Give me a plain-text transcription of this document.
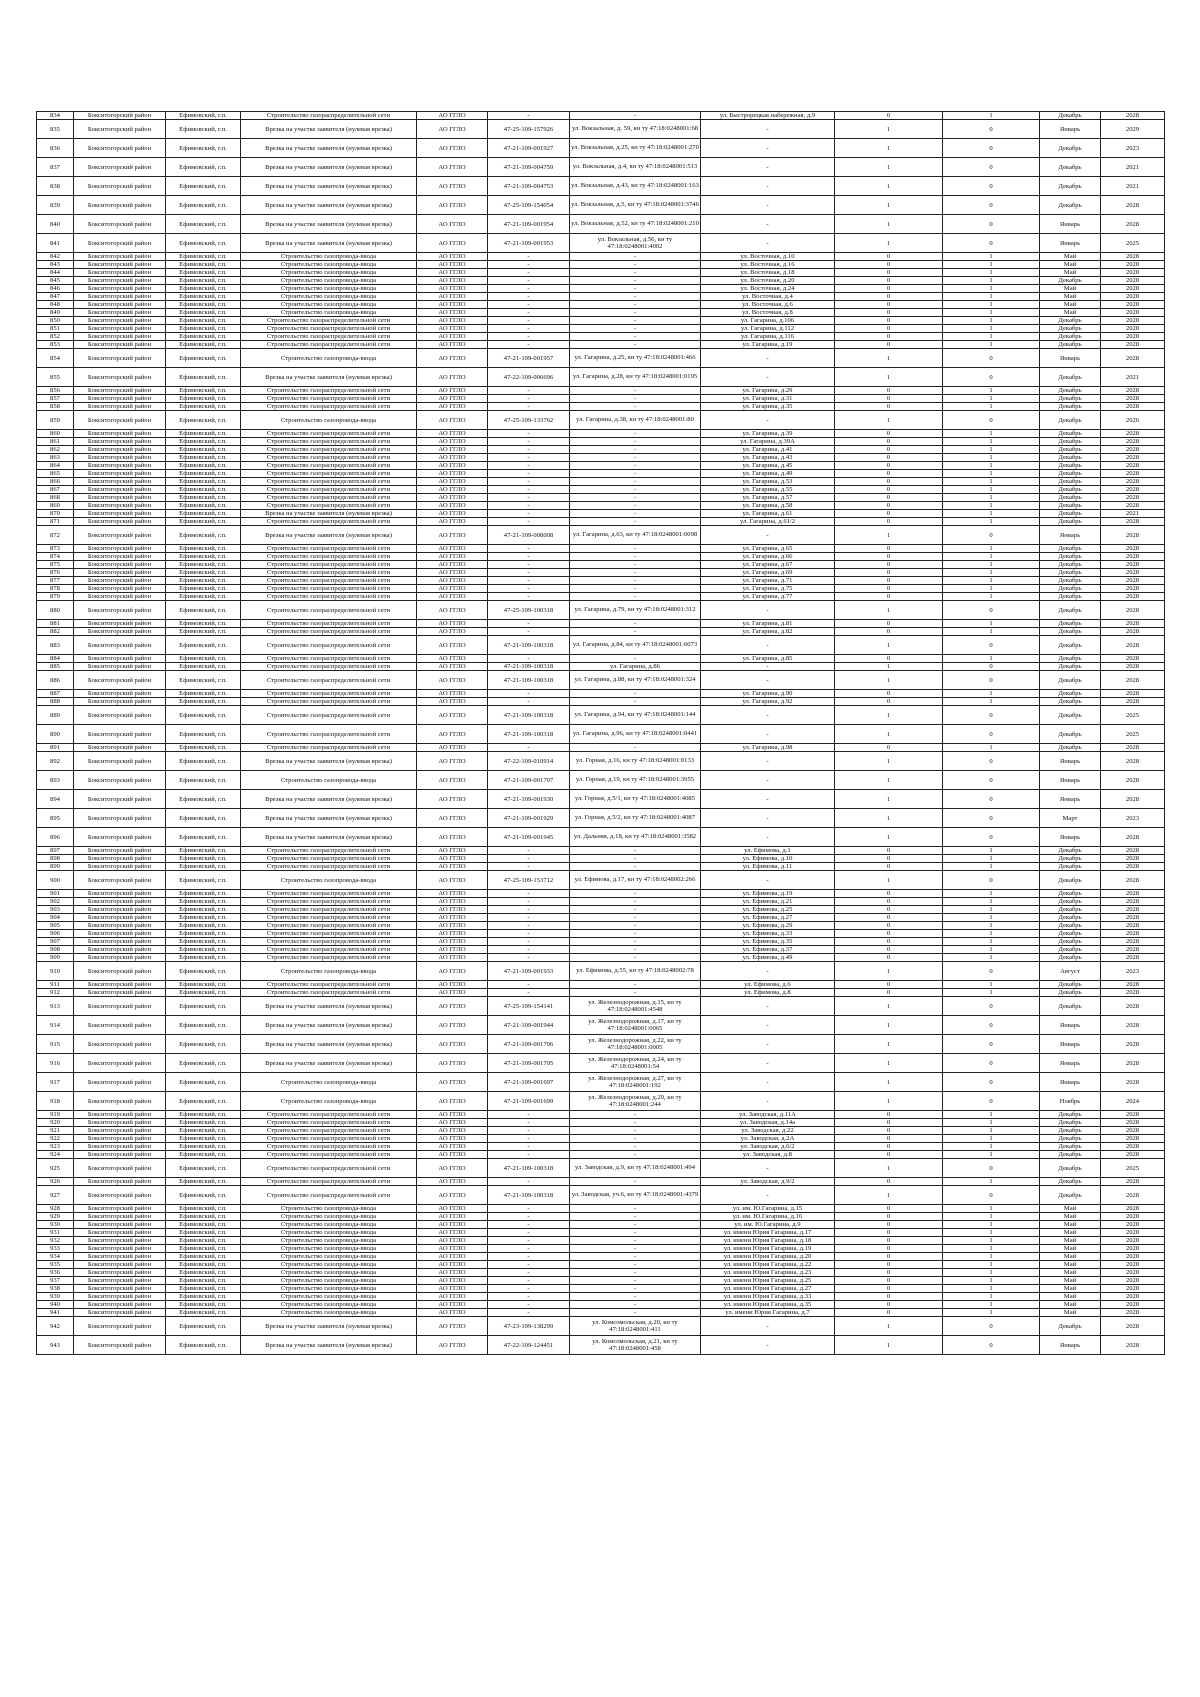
834	Бокситогорский район	Ефимовский, г.п.	Строительство газораспределительной сети	АО ГГЛО	-	-	ул. Быстрорецкая набережная, д.9	0	1	Декабрь	2028
835	Бокситогорский район	Ефимовский, г.п.	Врезка на участке заявителя (нулевая врезка)	АО ГГЛО	47-25-109-157926	ул. Вокзальная, д. 59, кн ту 47:18:0248001:68	-	1	0	Январь	2029
836	Бокситогорский район	Ефимовский, г.п.	Врезка на участке заявителя (нулевая врезка)	АО ГГЛО	47-21-109-001927	ул. Вокзальная, д.25, кн ту 47:18:0248001:270	-	1	0	Декабрь	2023
837	Бокситогорский район	Ефимовский, г.п.	Врезка на участке заявителя (нулевая врезка)	АО ГГЛО	47-21-109-004759	ул. Вокзальная, д.4, кн ту 47:18:0248001:513	-	1	0	Декабрь	2021
838	Бокситогорский район	Ефимовский, г.п.	Врезка на участке заявителя (нулевая врезка)	АО ГГЛО	47-21-109-004753	ул. Вокзальная, д.43, кн ту 47:18:0248001:163	-	1	0	Декабрь	2021
839	Бокситогорский район	Ефимовский, г.п.	Врезка на участке заявителя (нулевая врезка)	АО ГГЛО	47-25-109-154054	ул. Вокзальная, д.5, кн ту 47:18:0248001:3746	-	1	0	Декабрь	2028
840	Бокситогорский район	Ефимовский, г.п.	Врезка на участке заявителя (нулевая врезка)	АО ГГЛО	47-21-109-001954	ул. Вокзальная, д.52, кн ту 47:18:0248001:210	-	1	0	Январь	2028
841	Бокситогорский район	Ефимовский, г.п.	Врезка на участке заявителя (нулевая врезка)	АО ГГЛО	47-21-109-001953	ул. Вокзальная, д.56, кн ту 47:18:0248001:4002	-	1	0	Январь	2025
842	Бокситогорский район	Ефимовский, г.п.	Строительство газопровода-ввода	АО ГГЛО	-	-	ул. Восточная, д.10	0	1	Май	2028
843	Бокситогорский район	Ефимовский, г.п.	Строительство газопровода-ввода	АО ГГЛО	-	-	ул. Восточная, д.16	0	1	Май	2028
844	Бокситогорский район	Ефимовский, г.п.	Строительство газопровода-ввода	АО ГГЛО	-	-	ул. Восточная, д.18	0	1	Май	2028
845	Бокситогорский район	Ефимовский, г.п.	Строительство газопровода-ввода	АО ГГЛО	-	-	ул. Восточная, д.20	0	1	Декабрь	2028
846	Бокситогорский район	Ефимовский, г.п.	Строительство газопровода-ввода	АО ГГЛО	-	-	ул. Восточная, д.24	0	1	Май	2028
847	Бокситогорский район	Ефимовский, г.п.	Строительство газопровода-ввода	АО ГГЛО	-	-	ул. Восточная, д.4	0	1	Май	2028
848	Бокситогорский район	Ефимовский, г.п.	Строительство газопровода-ввода	АО ГГЛО	-	-	ул. Восточная, д.6	0	1	Май	2028
849	Бокситогорский район	Ефимовский, г.п.	Строительство газопровода-ввода	АО ГГЛО	-	-	ул. Восточная, д.8	0	1	Май	2028
850	Бокситогорский район	Ефимовский, г.п.	Строительство газораспределительной сети	АО ГГЛО	-	-	ул. Гагарина, д.106	0	1	Декабрь	2028
851	Бокситогорский район	Ефимовский, г.п.	Строительство газораспределительной сети	АО ГГЛО	-	-	ул. Гагарина, д.112	0	1	Декабрь	2028
852	Бокситогорский район	Ефимовский, г.п.	Строительство газораспределительной сети	АО ГГЛО	-	-	ул. Гагарина, д.116	0	1	Декабрь	2028
853	Бокситогорский район	Ефимовский, г.п.	Строительство газораспределительной сети	АО ГГЛО	-	-	ул. Гагарина, д.19	0	1	Декабрь	2028
854	Бокситогорский район	Ефимовский, г.п.	Строительство газопровода-ввода	АО ГГЛО	47-21-109-001957	ул. Гагарина, д.25, кн ту 47:18:0248001:466	-	1	0	Январь	2028
855	Бокситогорский район	Ефимовский, г.п.	Врезка на участке заявителя (нулевая врезка)	АО ГГЛО	47-22-109-006696	ул. Гагарина, д.28, кн ту 47:18:0248001:0195	-	1	0	Декабрь	2021
856	Бокситогорский район	Ефимовский, г.п.	Строительство газораспределительной сети	АО ГГЛО	-	-	ул. Гагарина, д.29	0	1	Декабрь	2028
857	Бокситогорский район	Ефимовский, г.п.	Строительство газораспределительной сети	АО ГГЛО	-	-	ул. Гагарина, д.31	0	1	Декабрь	2028
858	Бокситогорский район	Ефимовский, г.п.	Строительство газораспределительной сети	АО ГГЛО	-	-	ул. Гагарина, д.35	0	1	Декабрь	2028
859	Бокситогорский район	Ефимовский, г.п.	Строительство газопровода-ввода	АО ГГЛО	47-25-109-133762	ул. Гагарина, д.38, кн ту 47:18:0248001:80	-	1	0	Декабрь	2026
860	Бокситогорский район	Ефимовский, г.п.	Строительство газораспределительной сети	АО ГГЛО	-	-	ул. Гагарина, д.39	0	1	Декабрь	2028
861	Бокситогорский район	Ефимовский, г.п.	Строительство газораспределительной сети	АО ГГЛО	-	-	ул. Гагарина, д.39А	0	1	Декабрь	2028
862	Бокситогорский район	Ефимовский, г.п.	Строительство газораспределительной сети	АО ГГЛО	-	-	ул. Гагарина, д.41	0	1	Декабрь	2028
863	Бокситогорский район	Ефимовский, г.п.	Строительство газораспределительной сети	АО ГГЛО	-	-	ул. Гагарина, д.43	0	1	Декабрь	2028
864	Бокситогорский район	Ефимовский, г.п.	Строительство газораспределительной сети	АО ГГЛО	-	-	ул. Гагарина, д.45	0	1	Декабрь	2028
865	Бокситогорский район	Ефимовский, г.п.	Строительство газораспределительной сети	АО ГГЛО	-	-	ул. Гагарина, д.49	0	1	Декабрь	2028
866	Бокситогорский район	Ефимовский, г.п.	Строительство газораспределительной сети	АО ГГЛО	-	-	ул. Гагарина, д.53	0	1	Декабрь	2028
867	Бокситогорский район	Ефимовский, г.п.	Строительство газораспределительной сети	АО ГГЛО	-	-	ул. Гагарина, д.55	0	1	Декабрь	2028
868	Бокситогорский район	Ефимовский, г.п.	Строительство газораспределительной сети	АО ГГЛО	-	-	ул. Гагарина, д.57	0	1	Декабрь	2028
869	Бокситогорский район	Ефимовский, г.п.	Строительство газораспределительной сети	АО ГГЛО	-	-	ул. Гагарина, д.58	0	1	Декабрь	2028
870	Бокситогорский район	Ефимовский, г.п.	Врезка на участке заявителя (нулевая врезка)	АО ГГЛО	-	-	ул. Гагарина, д.61	0	1	Декабрь	2021
871	Бокситогорский район	Ефимовский, г.п.	Строительство газораспределительной сети	АО ГГЛО	-	-	ул. Гагарина, д.61/2	0	1	Декабрь	2028
872	Бокситогорский район	Ефимовский, г.п.	Врезка на участке заявителя (нулевая врезка)	АО ГГЛО	47-21-109-008008	ул. Гагарина, д.63, кн ту 47:18:0248001:0098	-	1	0	Январь	2028
873	Бокситогорский район	Ефимовский, г.п.	Строительство газораспределительной сети	АО ГГЛО	-	-	ул. Гагарина, д.65	0	1	Декабрь	2028
874	Бокситогорский район	Ефимовский, г.п.	Строительство газораспределительной сети	АО ГГЛО	-	-	ул. Гагарина, д.66	0	1	Декабрь	2028
875	Бокситогорский район	Ефимовский, г.п.	Строительство газораспределительной сети	АО ГГЛО	-	-	ул. Гагарина, д.67	0	1	Декабрь	2028
876	Бокситогорский район	Ефимовский, г.п.	Строительство газораспределительной сети	АО ГГЛО	-	-	ул. Гагарина, д.69	0	1	Декабрь	2028
877	Бокситогорский район	Ефимовский, г.п.	Строительство газораспределительной сети	АО ГГЛО	-	-	ул. Гагарина, д.71	0	1	Декабрь	2028
878	Бокситогорский район	Ефимовский, г.п.	Строительство газораспределительной сети	АО ГГЛО	-	-	ул. Гагарина, д.75	0	1	Декабрь	2028
879	Бокситогорский район	Ефимовский, г.п.	Строительство газораспределительной сети	АО ГГЛО	-	-	ул. Гагарина, д.77	0	1	Декабрь	2028
880	Бокситогорский район	Ефимовский, г.п.	Строительство газораспределительной сети	АО ГГЛО	47-25-109-100318	ул. Гагарина, д.79, кн ту 47:18:0248001:312	-	1	0	Декабрь	2028
881	Бокситогорский район	Ефимовский, г.п.	Строительство газораспределительной сети	АО ГГЛО	-	-	ул. Гагарина, д.81	0	1	Декабрь	2028
882	Бокситогорский район	Ефимовский, г.п.	Строительство газораспределительной сети	АО ГГЛО	-	-	ул. Гагарина, д.82	0	1	Декабрь	2028
883	Бокситогорский район	Ефимовский, г.п.	Строительство газораспределительной сети	АО ГГЛО	47-21-109-100318	ул. Гагарина, д.84, кн ту 47:18:0248001:6073	-	1	0	Декабрь	2028
884	Бокситогорский район	Ефимовский, г.п.	Строительство газораспределительной сети	АО ГГЛО	-	-	ул. Гагарина, д.85	0	1	Декабрь	2028
885	Бокситогорский район	Ефимовский, г.п.	Строительство газораспределительной сети	АО ГГЛО	47-21-109-100318	ул. Гагарина, д.86	-	1	0	Декабрь	2028
886	Бокситогорский район	Ефимовский, г.п.	Строительство газораспределительной сети	АО ГГЛО	47-21-109-100318	ул. Гагарина, д.88, кн ту 47:18:0248001:324	-	1	0	Декабрь	2028
887	Бокситогорский район	Ефимовский, г.п.	Строительство газораспределительной сети	АО ГГЛО	-	-	ул. Гагарина, д.90	0	1	Декабрь	2028
888	Бокситогорский район	Ефимовский, г.п.	Строительство газораспределительной сети	АО ГГЛО	-	-	ул. Гагарина, д.92	0	1	Декабрь	2028
889	Бокситогорский район	Ефимовский, г.п.	Строительство газораспределительной сети	АО ГГЛО	47-21-109-100318	ул. Гагарина, д.94, кн ту 47:18:0248001:144	-	1	0	Декабрь	2025
890	Бокситогорский район	Ефимовский, г.п.	Строительство газораспределительной сети	АО ГГЛО	47-21-109-100318	ул. Гагарина, д.96, кн ту 47:18:0248001:0441	-	1	0	Декабрь	2025
891	Бокситогорский район	Ефимовский, г.п.	Строительство газораспределительной сети	АО ГГЛО	-	-	ул. Гагарина, д.98	0	1	Декабрь	2028
892	Бокситогорский район	Ефимовский, г.п.	Врезка на участке заявителя (нулевая врезка)	АО ГГЛО	47-22-109-010914	ул. Горная, д.16, кн ту 47:18:0248001:0133	-	1	0	Январь	2028
893	Бокситогорский район	Ефимовский, г.п.	Строительство газопровода-ввода	АО ГГЛО	47-21-109-001707	ул. Горная, д.19, кн ту 47:18:0248001:3955	-	1	0	Январь	2028
894	Бокситогорский район	Ефимовский, г.п.	Врезка на участке заявителя (нулевая врезка)	АО ГГЛО	47-21-109-001930	ул. Горная, д.5/1, кн ту 47:18:0248001:4085	-	1	0	Январь	2028
895	Бокситогорский район	Ефимовский, г.п.	Врезка на участке заявителя (нулевая врезка)	АО ГГЛО	47-21-109-001929	ул. Горная, д.5/2, кн ту 47:18:0248001:4087	-	1	0	Март	2023
896	Бокситогорский район	Ефимовский, г.п.	Врезка на участке заявителя (нулевая врезка)	АО ГГЛО	47-21-109-001945	ул. Дальняя, д.18, кн ту 47:18:0248001:3582	-	1	0	Январь	2028
897	Бокситогорский район	Ефимовский, г.п.	Строительство газораспределительной сети	АО ГГЛО	-	-	ул. Ефимова, д.1	0	1	Декабрь	2028
898	Бокситогорский район	Ефимовский, г.п.	Строительство газораспределительной сети	АО ГГЛО	-	-	ул. Ефимова, д.10	0	1	Декабрь	2028
899	Бокситогорский район	Ефимовский, г.п.	Строительство газораспределительной сети	АО ГГЛО	-	-	ул. Ефимова, д.11	0	1	Декабрь	2028
900	Бокситогорский район	Ефимовский, г.п.	Строительство газопровода-ввода	АО ГГЛО	47-25-109-153712	ул. Ефимова, д.17, кн ту 47:18:0248002:266	-	1	0	Декабрь	2028
901	Бокситогорский район	Ефимовский, г.п.	Строительство газораспределительной сети	АО ГГЛО	-	-	ул. Ефимова, д.19	0	1	Декабрь	2028
902	Бокситогорский район	Ефимовский, г.п.	Строительство газораспределительной сети	АО ГГЛО	-	-	ул. Ефимова, д.21	0	1	Декабрь	2028
903	Бокситогорский район	Ефимовский, г.п.	Строительство газораспределительной сети	АО ГГЛО	-	-	ул. Ефимова, д.25	0	1	Декабрь	2028
904	Бокситогорский район	Ефимовский, г.п.	Строительство газораспределительной сети	АО ГГЛО	-	-	ул. Ефимова, д.27	0	1	Декабрь	2028
905	Бокситогорский район	Ефимовский, г.п.	Строительство газораспределительной сети	АО ГГЛО	-	-	ул. Ефимова, д.29	0	1	Декабрь	2028
906	Бокситогорский район	Ефимовский, г.п.	Строительство газораспределительной сети	АО ГГЛО	-	-	ул. Ефимова, д.33	0	1	Декабрь	2028
907	Бокситогорский район	Ефимовский, г.п.	Строительство газораспределительной сети	АО ГГЛО	-	-	ул. Ефимова, д.35	0	1	Декабрь	2028
908	Бокситогорский район	Ефимовский, г.п.	Строительство газораспределительной сети	АО ГГЛО	-	-	ул. Ефимова, д.37	0	1	Декабрь	2028
909	Бокситогорский район	Ефимовский, г.п.	Строительство газораспределительной сети	АО ГГЛО	-	-	ул. Ефимова, д.49	0	1	Декабрь	2028
910	Бокситогорский район	Ефимовский, г.п.	Строительство газопровода-ввода	АО ГГЛО	47-21-109-001933	ул. Ефимова, д.55, кн ту 47:18:0248002:78	-	1	0	Август	2023
911	Бокситогорский район	Ефимовский, г.п.	Строительство газораспределительной сети	АО ГГЛО	-	-	ул. Ефимова, д.6	0	1	Декабрь	2028
912	Бокситогорский район	Ефимовский, г.п.	Строительство газораспределительной сети	АО ГГЛО	-	-	ул. Ефимова, д.8	0	1	Декабрь	2028
913	Бокситогорский район	Ефимовский, г.п.	Врезка на участке заявителя (нулевая врезка)	АО ГГЛО	47-25-109-154141	ул. Железнодорожная, д.15, кн ту 47:18:0248001:4548	-	1	0	Декабрь	2028
914	Бокситогорский район	Ефимовский, г.п.	Врезка на участке заявителя (нулевая врезка)	АО ГГЛО	47-21-109-001944	ул. Железнодорожная, д.17, кн ту 47:18:0248001:0065	-	1	0	Январь	2028
915	Бокситогорский район	Ефимовский, г.п.	Врезка на участке заявителя (нулевая врезка)	АО ГГЛО	47-21-109-001706	ул. Железнодорожная, д.22, кн ту 47:18:0248001:0005	-	1	0	Январь	2028
916	Бокситогорский район	Ефимовский, г.п.	Врезка на участке заявителя (нулевая врезка)	АО ГГЛО	47-21-109-001705	ул. Железнодорожная, д.24, кн ту 47:18:0248001:54	-	1	0	Январь	2028
917	Бокситогорский район	Ефимовский, г.п.	Строительство газопровода-ввода	АО ГГЛО	47-21-109-001697	ул. Железнодорожная, д.27, кн ту 47:18:0248001:192	-	1	0	Январь	2028
918	Бокситогорский район	Ефимовский, г.п.	Строительство газопровода-ввода	АО ГГЛО	47-21-109-001699	ул. Железнодорожная, д.29, кн ту 47:18:0248001:244	-	1	0	Ноябрь	2024
919	Бокситогорский район	Ефимовский, г.п.	Строительство газораспределительной сети	АО ГГЛО	-	-	ул. Заводская, д.11А	0	1	Декабрь	2028
920	Бокситогорский район	Ефимовский, г.п.	Строительство газораспределительной сети	АО ГГЛО	-	-	ул. Заводская, д.14а	0	1	Декабрь	2028
921	Бокситогорский район	Ефимовский, г.п.	Строительство газораспределительной сети	АО ГГЛО	-	-	ул. Заводская, д.22	0	1	Декабрь	2028
922	Бокситогорский район	Ефимовский, г.п.	Строительство газораспределительной сети	АО ГГЛО	-	-	ул. Заводская, д.2А	0	1	Декабрь	2028
923	Бокситогорский район	Ефимовский, г.п.	Строительство газораспределительной сети	АО ГГЛО	-	-	ул. Заводская, д.6/2	0	1	Декабрь	2028
924	Бокситогорский район	Ефимовский, г.п.	Строительство газораспределительной сети	АО ГГЛО	-	-	ул. Заводская, д.8	0	1	Декабрь	2028
925	Бокситогорский район	Ефимовский, г.п.	Строительство газораспределительной сети	АО ГГЛО	47-21-109-100318	ул. Заводская, д.9, кн ту 47:18:0248001:494	-	1	0	Декабрь	2025
926	Бокситогорский район	Ефимовский, г.п.	Строительство газораспределительной сети	АО ГГЛО	-	-	ул. Заводская, д.9/2	0	1	Декабрь	2028
927	Бокситогорский район	Ефимовский, г.п.	Строительство газораспределительной сети	АО ГГЛО	47-21-109-100318	ул. Заводская, уч.6, кн ту 47:18:0248001:4379	-	1	0	Декабрь	2028
928	Бокситогорский район	Ефимовский, г.п.	Строительство газопровода-ввода	АО ГГЛО	-	-	ул. им. Ю.Гагарина, д.15	0	1	Май	2028
929	Бокситогорский район	Ефимовский, г.п.	Строительство газопровода-ввода	АО ГГЛО	-	-	ул. им. Ю.Гагарина, д.16	0	1	Май	2028
930	Бокситогорский район	Ефимовский, г.п.	Строительство газопровода-ввода	АО ГГЛО	-	-	ул. им. Ю.Гагарина, д.9	0	1	Май	2028
931	Бокситогорский район	Ефимовский, г.п.	Строительство газопровода-ввода	АО ГГЛО	-	-	ул. имени Юрия Гагарина, д.17	0	1	Май	2028
932	Бокситогорский район	Ефимовский, г.п.	Строительство газопровода-ввода	АО ГГЛО	-	-	ул. имени Юрия Гагарина, д.18	0	1	Май	2028
933	Бокситогорский район	Ефимовский, г.п.	Строительство газопровода-ввода	АО ГГЛО	-	-	ул. имени Юрия Гагарина, д.19	0	1	Май	2028
934	Бокситогорский район	Ефимовский, г.п.	Строительство газопровода-ввода	АО ГГЛО	-	-	ул. имени Юрия Гагарина, д.20	0	1	Май	2028
935	Бокситогорский район	Ефимовский, г.п.	Строительство газопровода-ввода	АО ГГЛО	-	-	ул. имени Юрия Гагарина, д.22	0	1	Май	2028
936	Бокситогорский район	Ефимовский, г.п.	Строительство газопровода-ввода	АО ГГЛО	-	-	ул. имени Юрия Гагарина, д.23	0	1	Май	2028
937	Бокситогорский район	Ефимовский, г.п.	Строительство газопровода-ввода	АО ГГЛО	-	-	ул. имени Юрия Гагарина, д.25	0	1	Май	2028
938	Бокситогорский район	Ефимовский, г.п.	Строительство газопровода-ввода	АО ГГЛО	-	-	ул. имени Юрия Гагарина, д.27	0	1	Май	2028
939	Бокситогорский район	Ефимовский, г.п.	Строительство газопровода-ввода	АО ГГЛО	-	-	ул. имени Юрия Гагарина, д.33	0	1	Май	2028
940	Бокситогорский район	Ефимовский, г.п.	Строительство газопровода-ввода	АО ГГЛО	-	-	ул. имени Юрия Гагарина, д.35	0	1	Май	2028
941	Бокситогорский район	Ефимовский, г.п.	Строительство газопровода-ввода	АО ГГЛО	-	-	ул. имени Юрия Гагарина, д.7	0	1	Май	2028
942	Бокситогорский район	Ефимовский, г.п.	Врезка на участке заявителя (нулевая врезка)	АО ГГЛО	47-23-109-138299	ул. Комсомольская, д.20, кн ту 47:18:0248001:411	-	1	0	Декабрь	2028
943	Бокситогорский район	Ефимовский, г.п.	Врезка на участке заявителя (нулевая врезка)	АО ГГЛО	47-22-109-124451	ул. Комсомольская, д.21, кн ту 47:18:0248001:458	-	1	0	Январь	2028
